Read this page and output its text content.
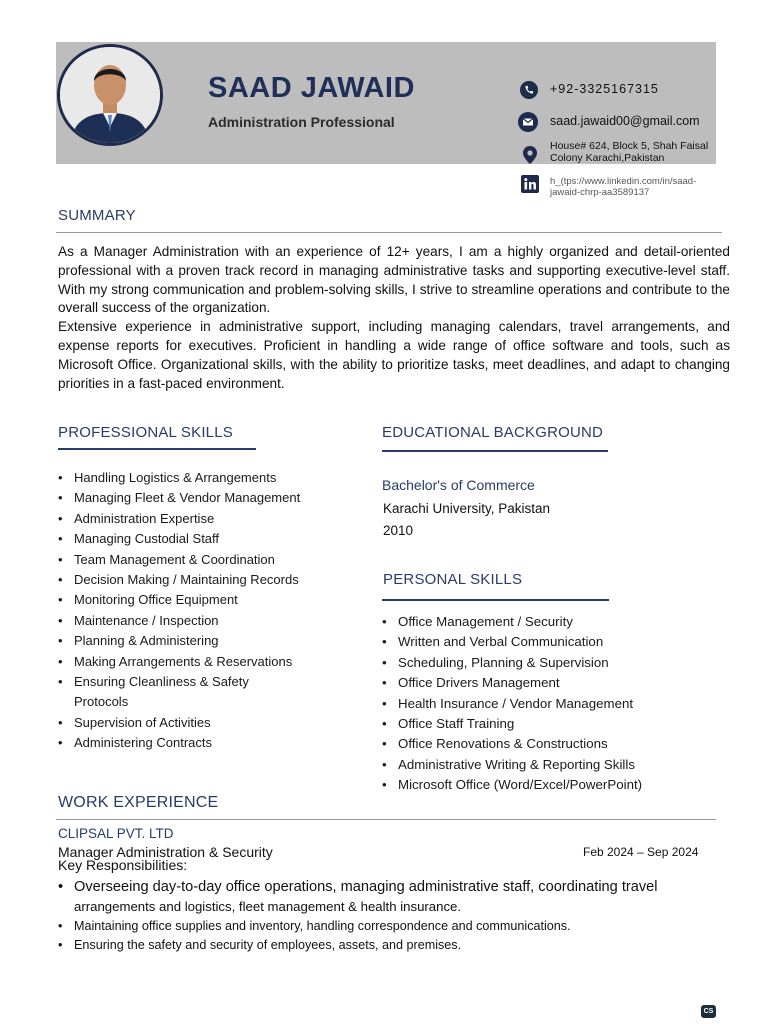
SAAD JAWAID
Administration Professional
+92-3325167315
saad.jawaid00@gmail.com
House# 624, Block 5, Shah Faisal
Colony Karachi,Pakistan
h_(tps://www.linkedin.com/in/saad-
jawaid-chrp-aa3589137
SUMMARY

As a Manager Administration with an experience of 12+ years, I am a highly organized and detail-oriented professional with a proven track record in managing administrative tasks and supporting executive-level staff. With my strong communication and problem-solving skills, I strive to streamline operations and contribute to the overall success of the organization.

Extensive experience in administrative support, including managing calendars, travel arrangements, and expense reports for executives. Proficient in handling a wide range of office software and tools, such as Microsoft Office. Organizational skills, with the ability to prioritize tasks, meet deadlines, and adapt to changing priorities in a fast-paced environment.

PROFESSIONAL SKILLS
• Handling Logistics & Arrangements
• Managing Fleet & Vendor Management
• Administration Expertise
• Managing Custodial Staff
• Team Management & Coordination
• Decision Making / Maintaining Records
• Monitoring Office Equipment
• Maintenance / Inspection
• Planning & Administering
• Making Arrangements & Reservations
• Ensuring Cleanliness & Safety Protocols
• Supervision of Activities
• Administering Contracts
EDUCATIONAL BACKGROUND
Bachelor's of Commerce
Karachi University, Pakistan
2010
PERSONAL SKILLS
• Office Management / Security
• Written and Verbal Communication
• Scheduling, Planning & Supervision
• Office Drivers Management
• Health Insurance / Vendor Management
• Office Staff Training
• Office Renovations & Constructions
• Administrative Writing & Reporting Skills
• Microsoft Office (Word/Excel/PowerPoint)
WORK EXPERIENCE
CLIPSAL PVT. LTD
Manager Administration & Security	Feb 2024 – Sep 2024
Key Responsibilities:
• Overseeing day-to-day office operations, managing administrative staff, coordinating travel
arrangements and logistics, fleet management & health insurance.
• Maintaining office supplies and inventory, handling correspondence and communications.
• Ensuring the safety and security of employees, assets, and premises.
CS
